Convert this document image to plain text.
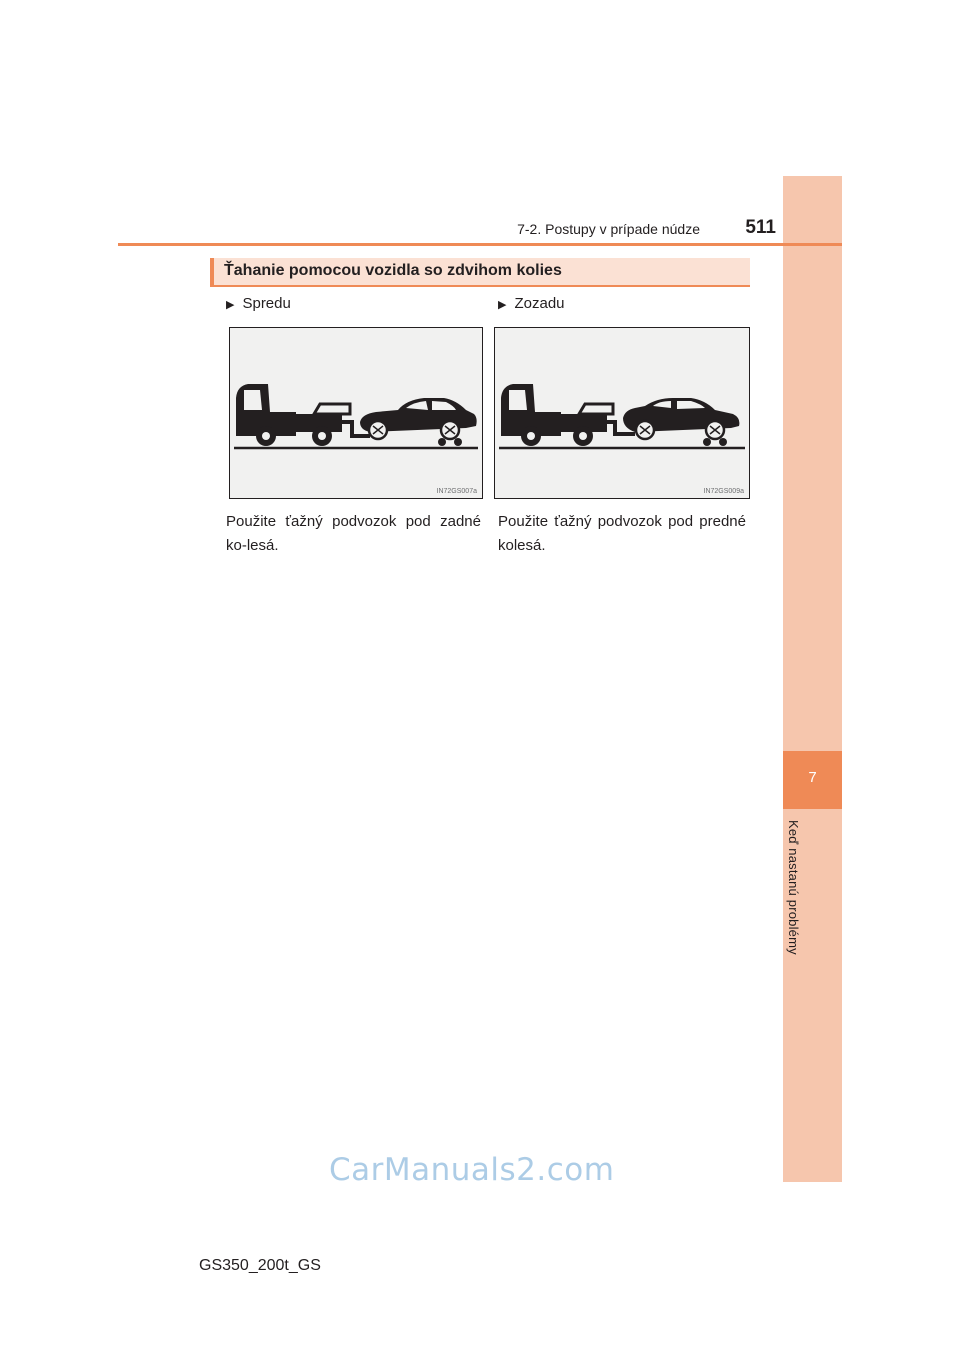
7
Keď nastanú problémy
7-2. Postupy v prípade núdze	511
Ťahanie pomocou vozidla so zdvihom kolies
▶ Spredu
IN72GS007a
Použite ťažný podvozok pod zadné ko-lesá.
▶ Zozadu
IN72GS009a
Použite ťažný podvozok pod predné kolesá.
GS350_200t_GS
CarManuals2.com
carmanualsonline.info
